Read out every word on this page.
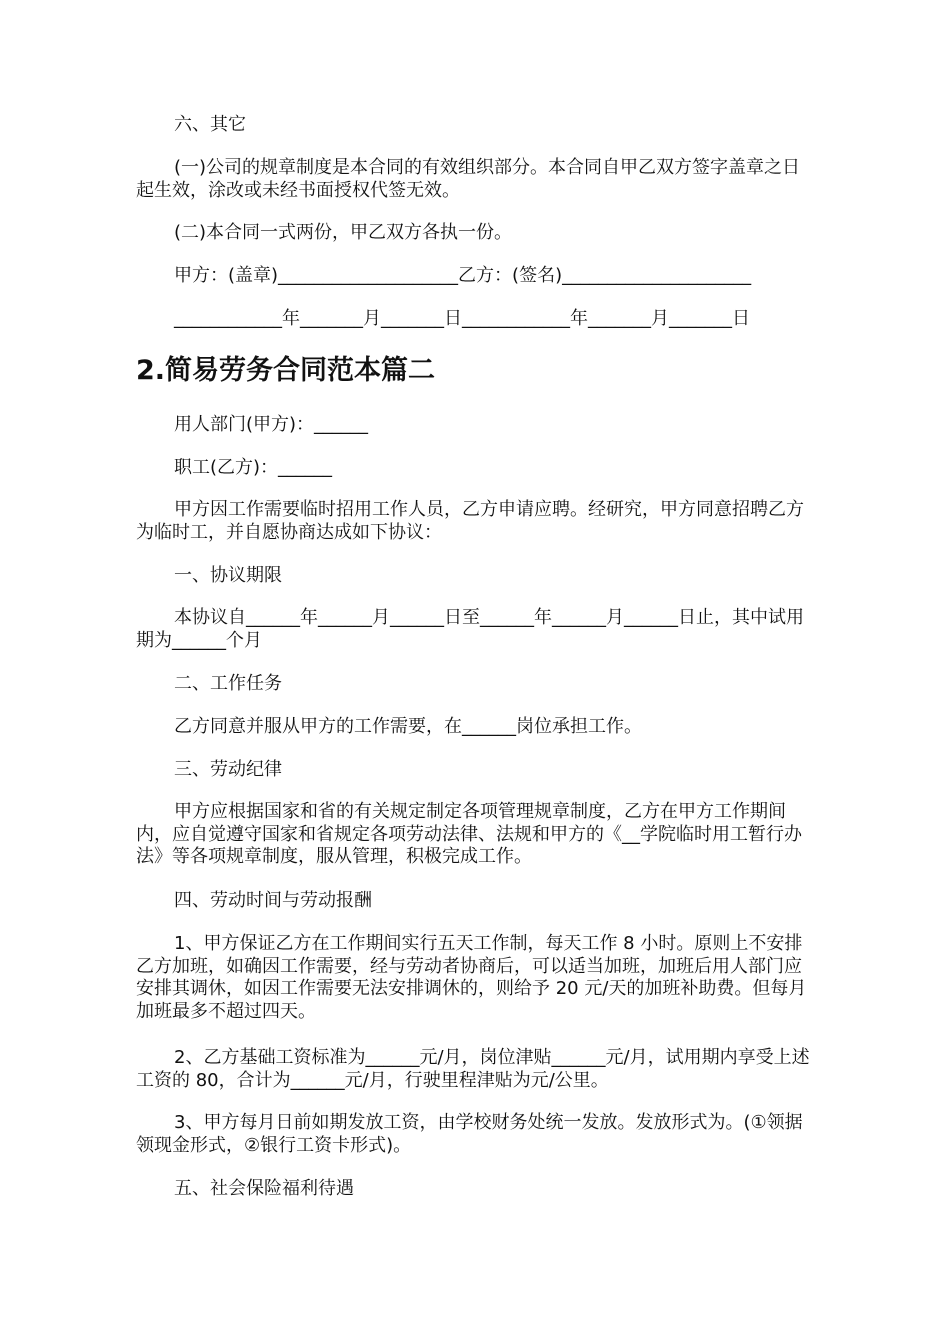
六、其它

(一)公司的规章制度是本合同的有效组织部分。本合同自甲乙双方签字盖章之日起生效，涂改或未经书面授权代签无效。

(二)本合同一式两份，甲乙双方各执一份。

甲方：(盖章)____________________乙方：(签名)_____________________

____________年_______月_______日____________年_______月_______日

2.简易劳务合同范本篇二

用人部门(甲方)：______

职工(乙方)：______

甲方因工作需要临时招用工作人员，乙方申请应聘。经研究，甲方同意招聘乙方为临时工，并自愿协商达成如下协议：

一、协议期限

本协议自______年______月______日至______年______月______日止，其中试用期为______个月

二、工作任务

乙方同意并服从甲方的工作需要，在______岗位承担工作。

三、劳动纪律

甲方应根据国家和省的有关规定制定各项管理规章制度，乙方在甲方工作期间内，应自觉遵守国家和省规定各项劳动法律、法规和甲方的《__学院临时用工暂行办法》等各项规章制度，服从管理，积极完成工作。

四、劳动时间与劳动报酬

1、甲方保证乙方在工作期间实行五天工作制，每天工作 8 小时。原则上不安排乙方加班，如确因工作需要，经与劳动者协商后，可以适当加班，加班后用人部门应安排其调休，如因工作需要无法安排调休的，则给予 20 元/天的加班补助费。但每月加班最多不超过四天。

2、乙方基础工资标准为______元/月，岗位津贴______元/月，试用期内享受上述工资的 80，合计为______元/月，行驶里程津贴为元/公里。

3、甲方每月日前如期发放工资，由学校财务处统一发放。发放形式为。(①领据领现金形式，②银行工资卡形式)。

五、社会保险福利待遇
